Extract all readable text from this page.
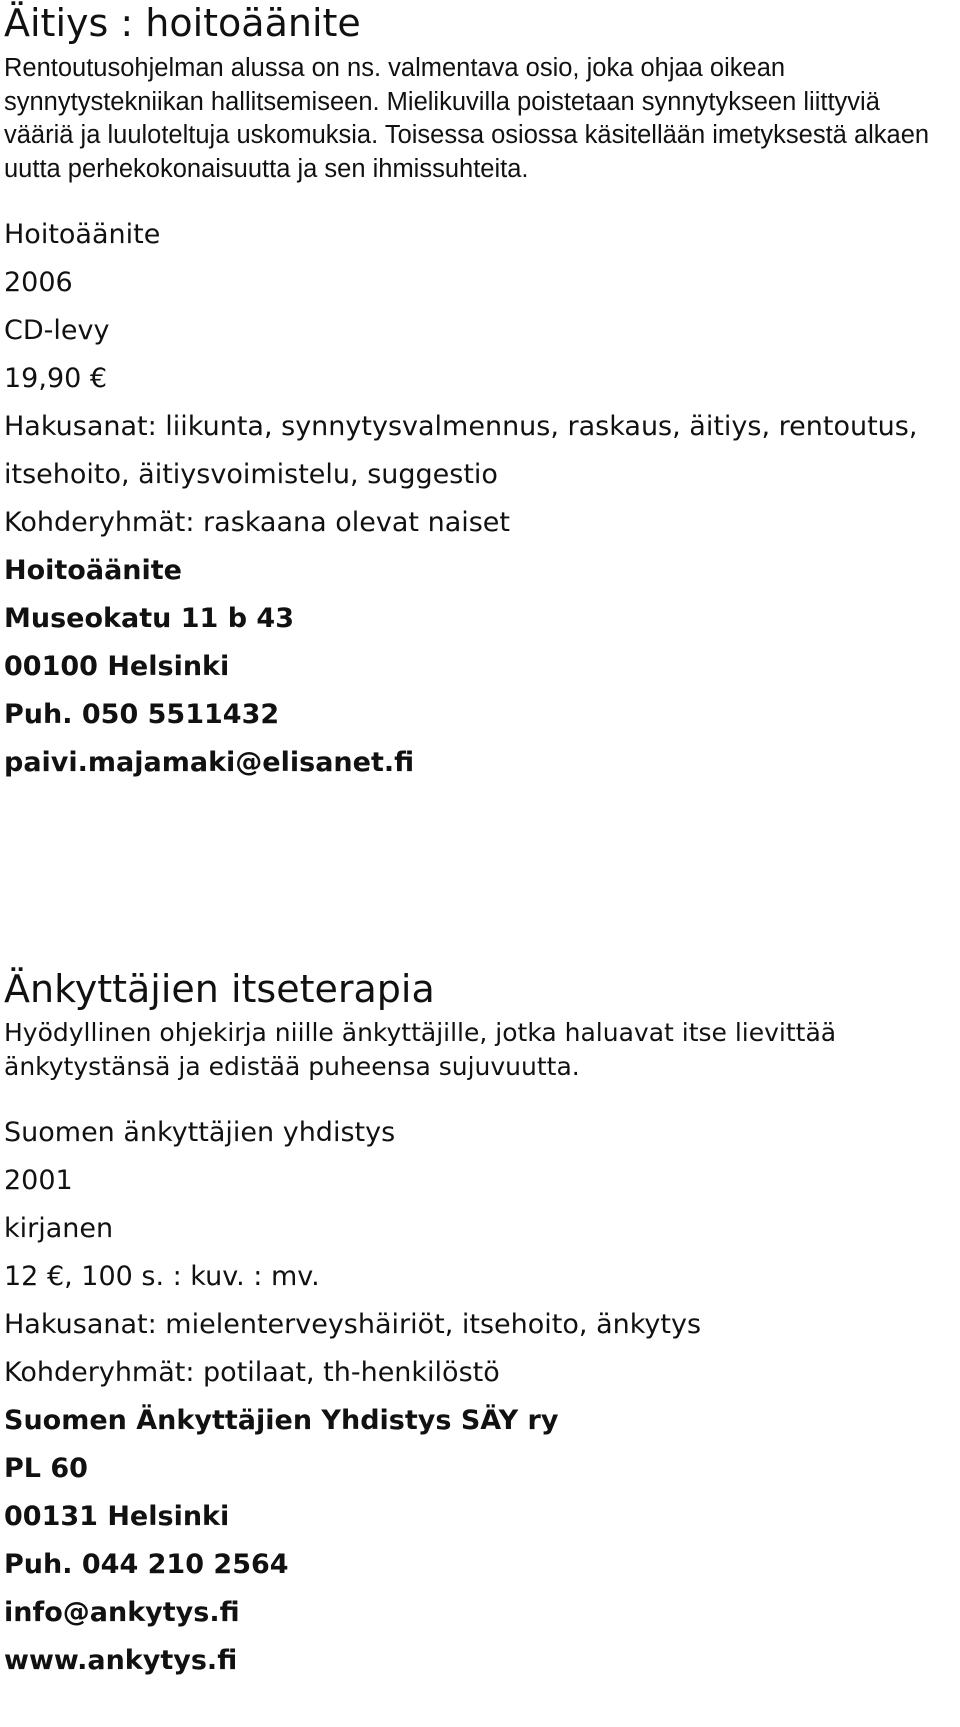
Äitiys : hoitoäänite

Rentoutusohjelman alussa on ns. valmentava osio, joka ohjaa oikean synnytystekniikan hallitsemiseen. Mielikuvilla poistetaan synnytykseen liittyviä vääriä ja luuloteltuja uskomuksia. Toisessa osiossa käsitellään imetyksestä alkaen uutta perhekokonaisuutta ja sen ihmissuhteita.

Hoitoäänite
2006
CD-levy
19,90 €
Hakusanat: liikunta, synnytysvalmennus, raskaus, äitiys, rentoutus, itsehoito, äitiysvoimistelu, suggestio
Kohderyhmät: raskaana olevat naiset
Hoitoäänite
Museokatu 11 b 43
00100 Helsinki
Puh. 050 5511432
paivi.majamaki@elisanet.fi
Änkyttäjien itseterapia

Hyödyllinen ohjekirja niille änkyttäjille, jotka haluavat itse lievittää änkytystänsä ja edistää puheensa sujuvuutta.

Suomen änkyttäjien yhdistys
2001
kirjanen
12 €, 100 s. : kuv. : mv.
Hakusanat: mielenterveyshäiriöt, itsehoito, änkytys
Kohderyhmät: potilaat, th-henkilöstö
Suomen Änkyttäjien Yhdistys SÄY ry
PL 60
00131 Helsinki
Puh. 044 210 2564
info@ankytys.fi
www.ankytys.fi
